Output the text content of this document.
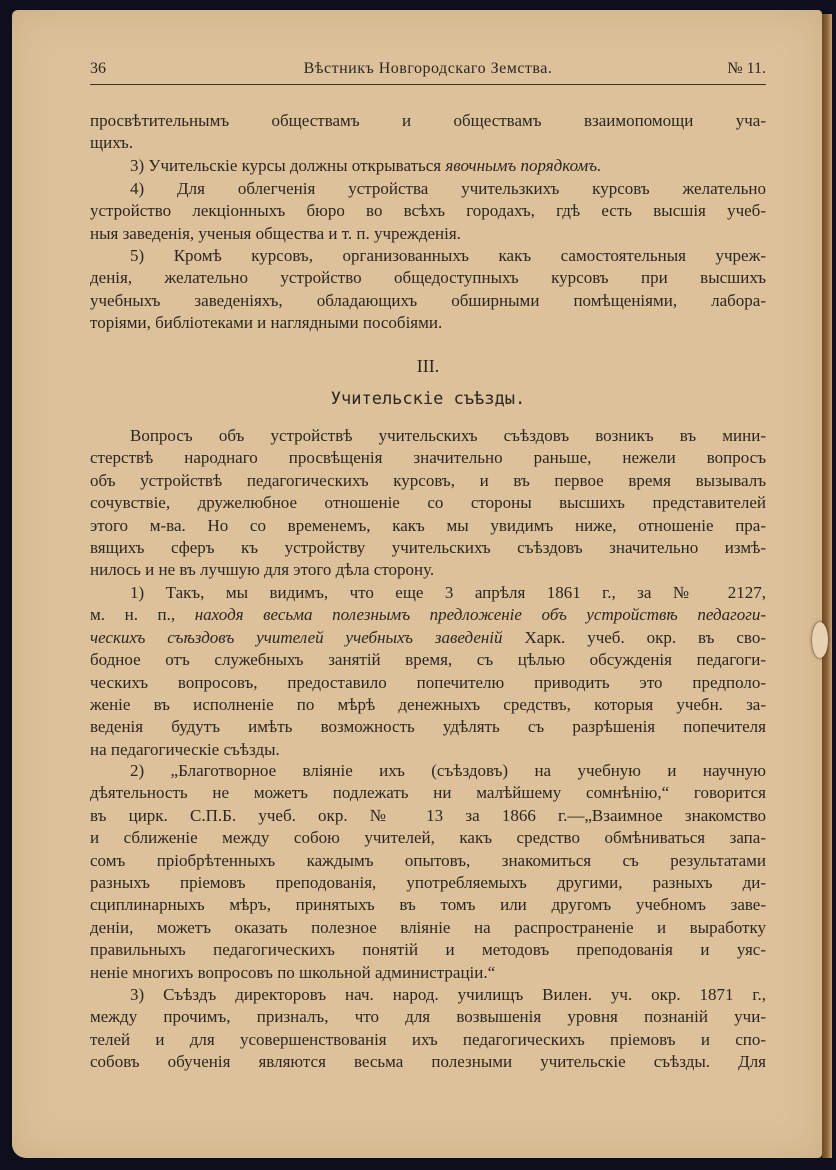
36	Вѣстникъ Новгородскаго Земства.	№ 11.
просвѣтительнымъ обществамъ и обществамъ взаимопомощи уча-
щихъ.
3) Учительскіе курсы должны открываться явочнымъ порядкомъ.
4) Для облегченія устройства учительзкихъ курсовъ желательно
устройство лекціонныхъ бюро во всѣхъ городахъ, гдѣ есть высшія учеб-
ныя заведенія, ученыя общества и т. п. учрежденія.
5) Кромѣ курсовъ, организованныхъ какъ самостоятельныя учреж-
денія, желательно устройство общедоступныхъ курсовъ при высшихъ
учебныхъ заведеніяхъ, обладающихъ обширными помѣщеніями, лабора-
торіями, библіотеками и наглядными пособіями.
III.
Учительскіе съѣзды.
Вопросъ объ устройствѣ учительскихъ съѣздовъ возникъ въ мини-
стерствѣ народнаго просвѣщенія значительно раньше, нежели вопросъ
объ устройствѣ педагогическихъ курсовъ, и въ первое время вызывалъ
сочувствіе, дружелюбное отношеніе со стороны высшихъ представителей
этого м-ва. Но со временемъ, какъ мы увидимъ ниже, отношеніе пра-
вящихъ сферъ къ устройству учительскихъ съѣздовъ значительно измѣ-
нилось и не въ лучшую для этого дѣла сторону.
1) Такъ, мы видимъ, что еще 3 апрѣля 1861 г., за № 2127,
м. н. п., находя весьма полезнымъ предложеніе объ устройствѣ педагоги-
ческихъ съѣздовъ учителей учебныхъ заведеній Харк. учеб. окр. въ сво-
бодное отъ служебныхъ занятій время, съ цѣлью обсужденія педагоги-
ческихъ вопросовъ, предоставило попечителю приводить это предполо-
женіе въ исполненіе по мѣрѣ денежныхъ средствъ, которыя учебн. за-
веденія будутъ имѣть возможность удѣлять съ разрѣшенія попечителя
на педагогическіе съѣзды.
2) „Благотворное вліяніе ихъ (съѣздовъ) на учебную и научную
дѣятельность не можетъ подлежать ни малѣйшему сомнѣнію,“ говорится
въ цирк. С.П.Б. учеб. окр. № 13 за 1866 г.—„Взаимное знакомство
и сближеніе между собою учителей, какъ средство обмѣниваться запа-
сомъ пріобрѣтенныхъ каждымъ опытовъ, знакомиться съ результатами
разныхъ пріемовъ преподованія, употребляемыхъ другими, разныхъ ди-
сциплинарныхъ мѣръ, принятыхъ въ томъ или другомъ учебномъ заве-
деніи, можетъ оказать полезное вліяніе на распространеніе и выработку
правильныхъ педагогическихъ понятій и методовъ преподованія и уяс-
неніе многихъ вопросовъ по школьной администраціи.“
3) Съѣздъ директоровъ нач. народ. училищъ Вилен. уч. окр. 1871 г.,
между прочимъ, призналъ, что для возвышенія уровня познаній учи-
телей и для усовершенствованія ихъ педагогическихъ пріемовъ и спо-
собовъ обученія являются весьма полезными учительскіе съѣзды. Для
